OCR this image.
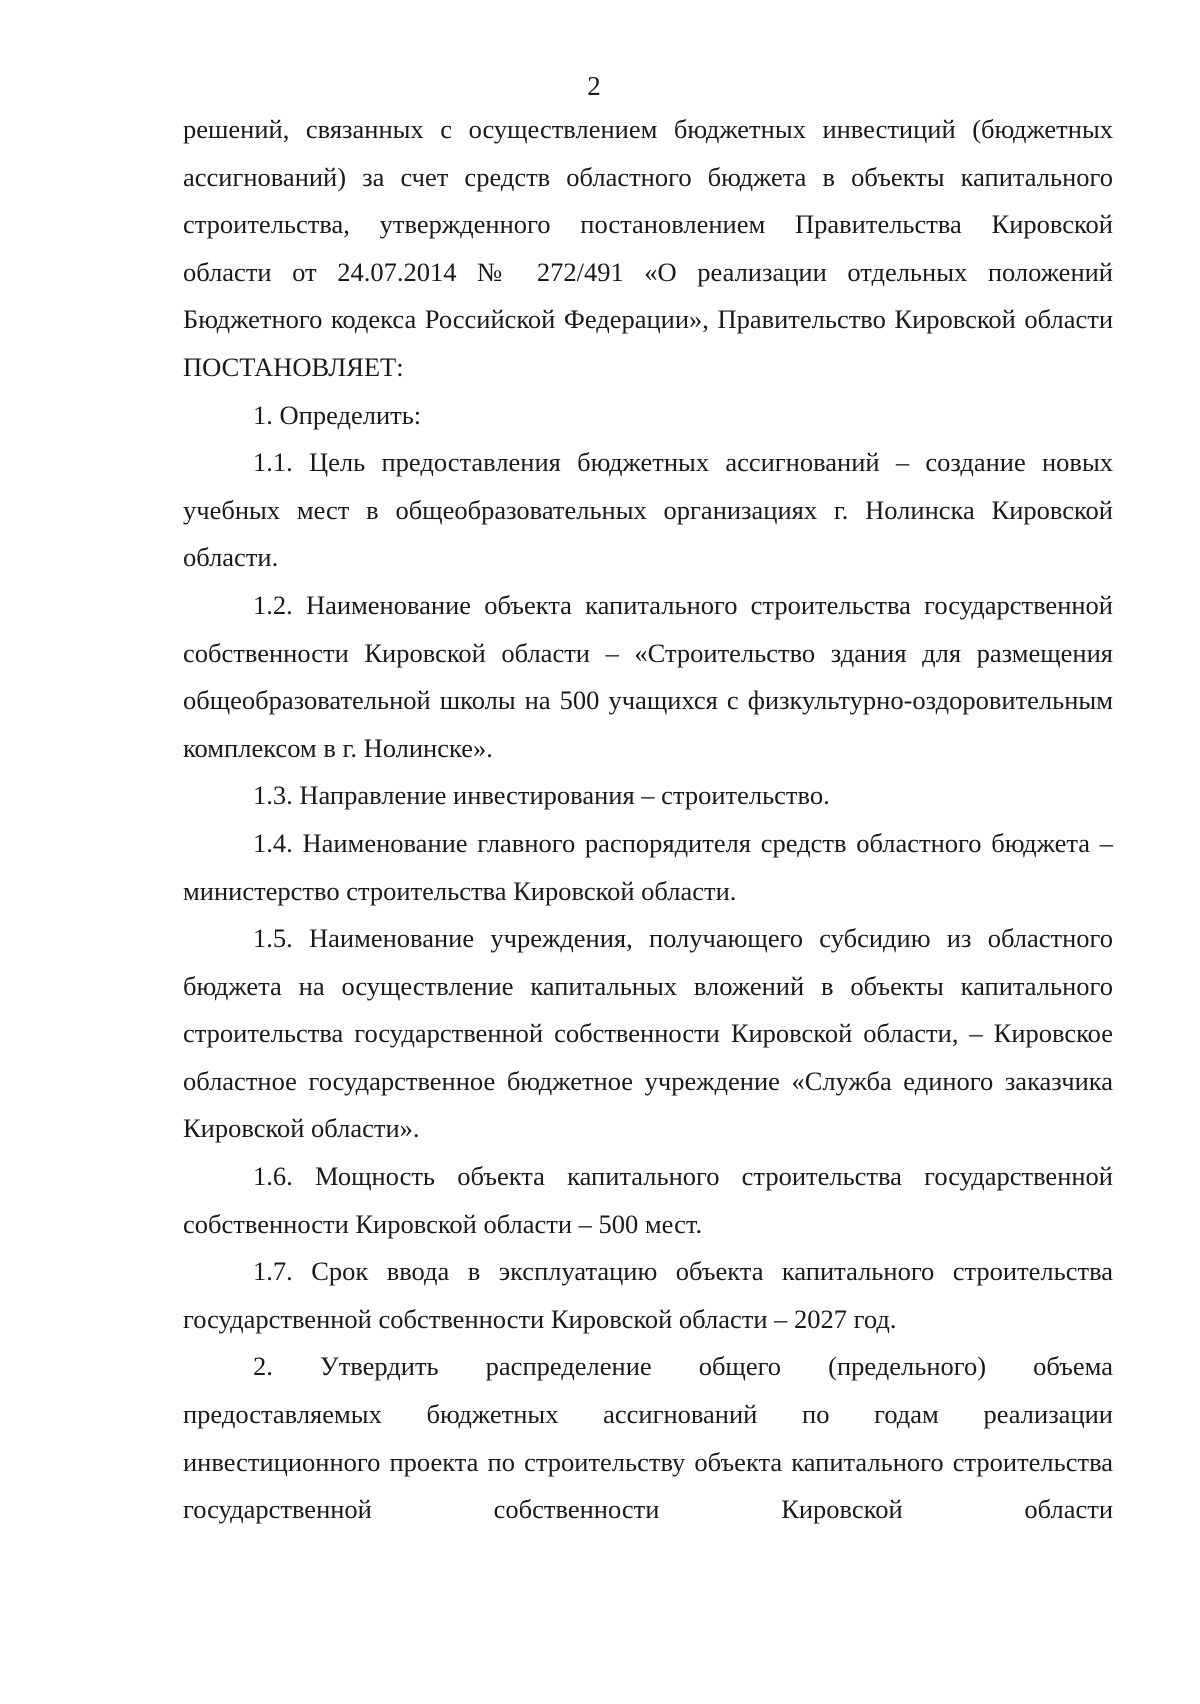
2

решений, связанных с осуществлением бюджетных инвестиций (бюджетных ассигнований) за счет средств областного бюджета в объекты капитального строительства, утвержденного постановлением Правительства Кировской области от 24.07.2014 № 272/491 «О реализации отдельных положений Бюджетного кодекса Российской Федерации», Правительство Кировской области ПОСТАНОВЛЯЕТ:

1. Определить:

1.1. Цель предоставления бюджетных ассигнований – создание новых учебных мест в общеобразовательных организациях г. Нолинска Кировской области.

1.2. Наименование объекта капитального строительства государственной собственности Кировской области – «Строительство здания для размещения общеобразовательной школы на 500 учащихся с физкультурно-оздоровительным комплексом в г. Нолинске».

1.3. Направление инвестирования – строительство.

1.4. Наименование главного распорядителя средств областного бюджета – министерство строительства Кировской области.

1.5. Наименование учреждения, получающего субсидию из областного бюджета на осуществление капитальных вложений в объекты капитального строительства государственной собственности Кировской области, – Кировское областное государственное бюджетное учреждение «Служба единого заказчика Кировской области».

1.6. Мощность объекта капитального строительства государственной собственности Кировской области – 500 мест.

1.7. Срок ввода в эксплуатацию объекта капитального строительства государственной собственности Кировской области – 2027 год.

2. Утвердить распределение общего (предельного) объема предоставляемых бюджетных ассигнований по годам реализации инвестиционного проекта по строительству объекта капитального строительства государственной собственности Кировской области
